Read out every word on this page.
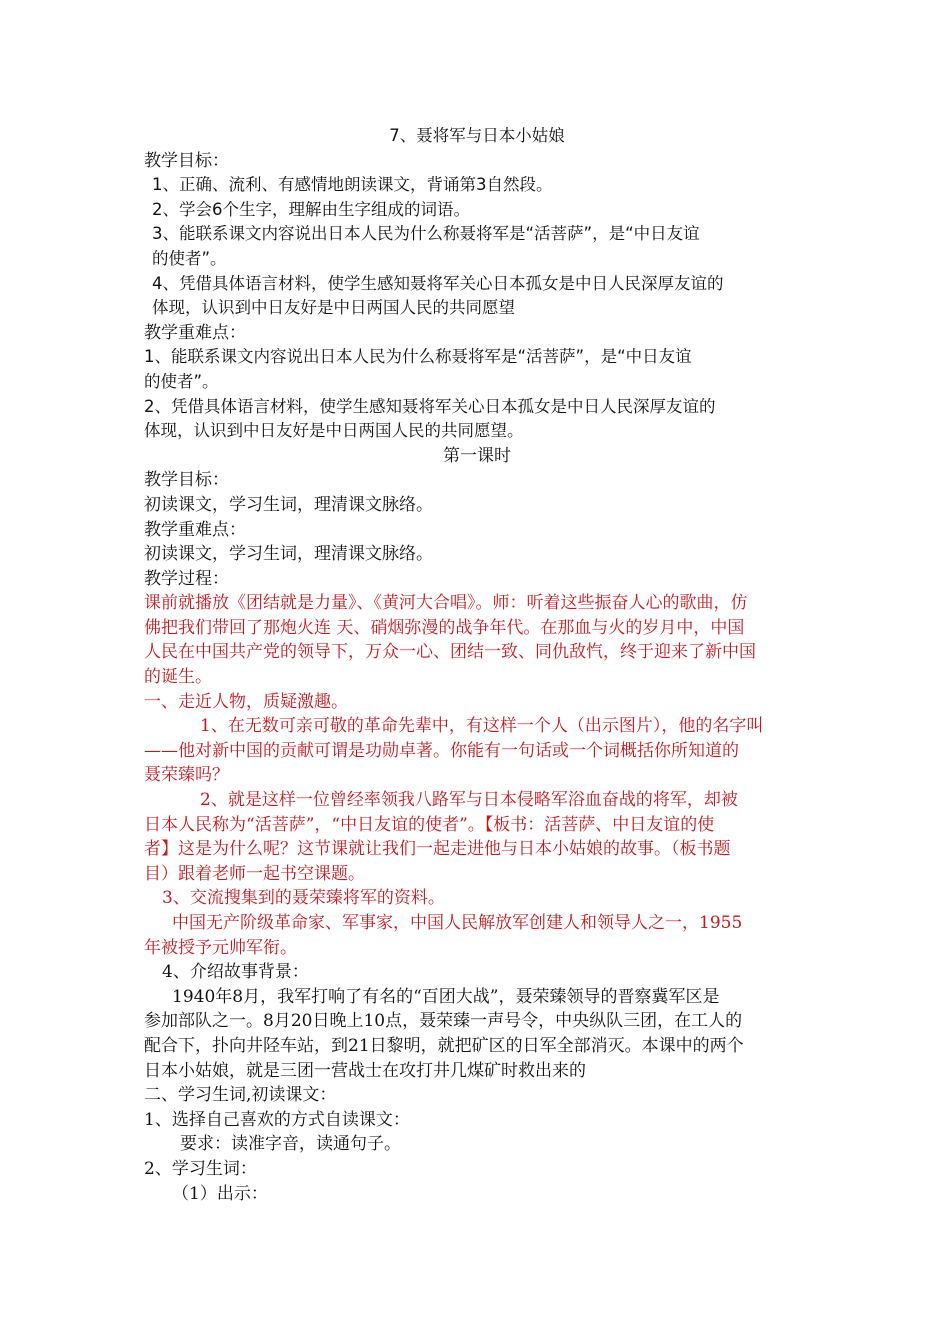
7、聂将军与日本小姑娘
教学目标：
1、正确、流利、有感情地朗读课文，背诵第3自然段。
2、学会6个生字，理解由生字组成的词语。
3、能联系课文内容说出日本人民为什么称聂将军是“活菩萨”，是“中日友谊
的使者”。
4、凭借具体语言材料，使学生感知聂将军关心日本孤女是中日人民深厚友谊的
体现，认识到中日友好是中日两国人民的共同愿望
教学重难点：
1、能联系课文内容说出日本人民为什么称聂将军是“活菩萨”，是“中日友谊
的使者”。
2、凭借具体语言材料，使学生感知聂将军关心日本孤女是中日人民深厚友谊的
体现，认识到中日友好是中日两国人民的共同愿望。
第一课时
教学目标：
初读课文，学习生词，理清课文脉络。
教学重难点：
初读课文，学习生词，理清课文脉络。
教学过程：
课前就播放《团结就是力量》、《黄河大合唱》。师：听着这些振奋人心的歌曲，仿
佛把我们带回了那炮火连 天、硝烟弥漫的战争年代。在那血与火的岁月中，中国
人民在中国共产党的领导下，万众一心、团结一致、同仇敌忾，终于迎来了新中国
的诞生。
一、走近人物，质疑激趣。
1、在无数可亲可敬的革命先辈中，有这样一个人（出示图片），他的名字叫
——他对新中国的贡献可谓是功勋卓著。你能有一句话或一个词概括你所知道的
聂荣臻吗？
2、就是这样一位曾经率领我八路军与日本侵略军浴血奋战的将军，却被
日本人民称为“活菩萨”，“中日友谊的使者”。【板书：活菩萨、中日友谊的使
者】这是为什么呢？这节课就让我们一起走进他与日本小姑娘的故事。（板书题
目）跟着老师一起书空课题。
3、交流搜集到的聂荣臻将军的资料。
中国无产阶级革命家、军事家，中国人民解放军创建人和领导人之一，1955
年被授予元帅军衔。
4、介绍故事背景：
1940年8月，我军打响了有名的“百团大战”，聂荣臻领导的晋察冀军区是
参加部队之一。8月20日晚上10点，聂荣臻一声号令，中央纵队三团，在工人的
配合下，扑向井陉车站，到21日黎明，就把矿区的日军全部消灭。本课中的两个
日本小姑娘，就是三团一营战士在攻打井几煤矿时救出来的
二、学习生词,初读课文：
1、选择自己喜欢的方式自读课文：
要求：读准字音，读通句子。
2、学习生词：
（1）出示：
